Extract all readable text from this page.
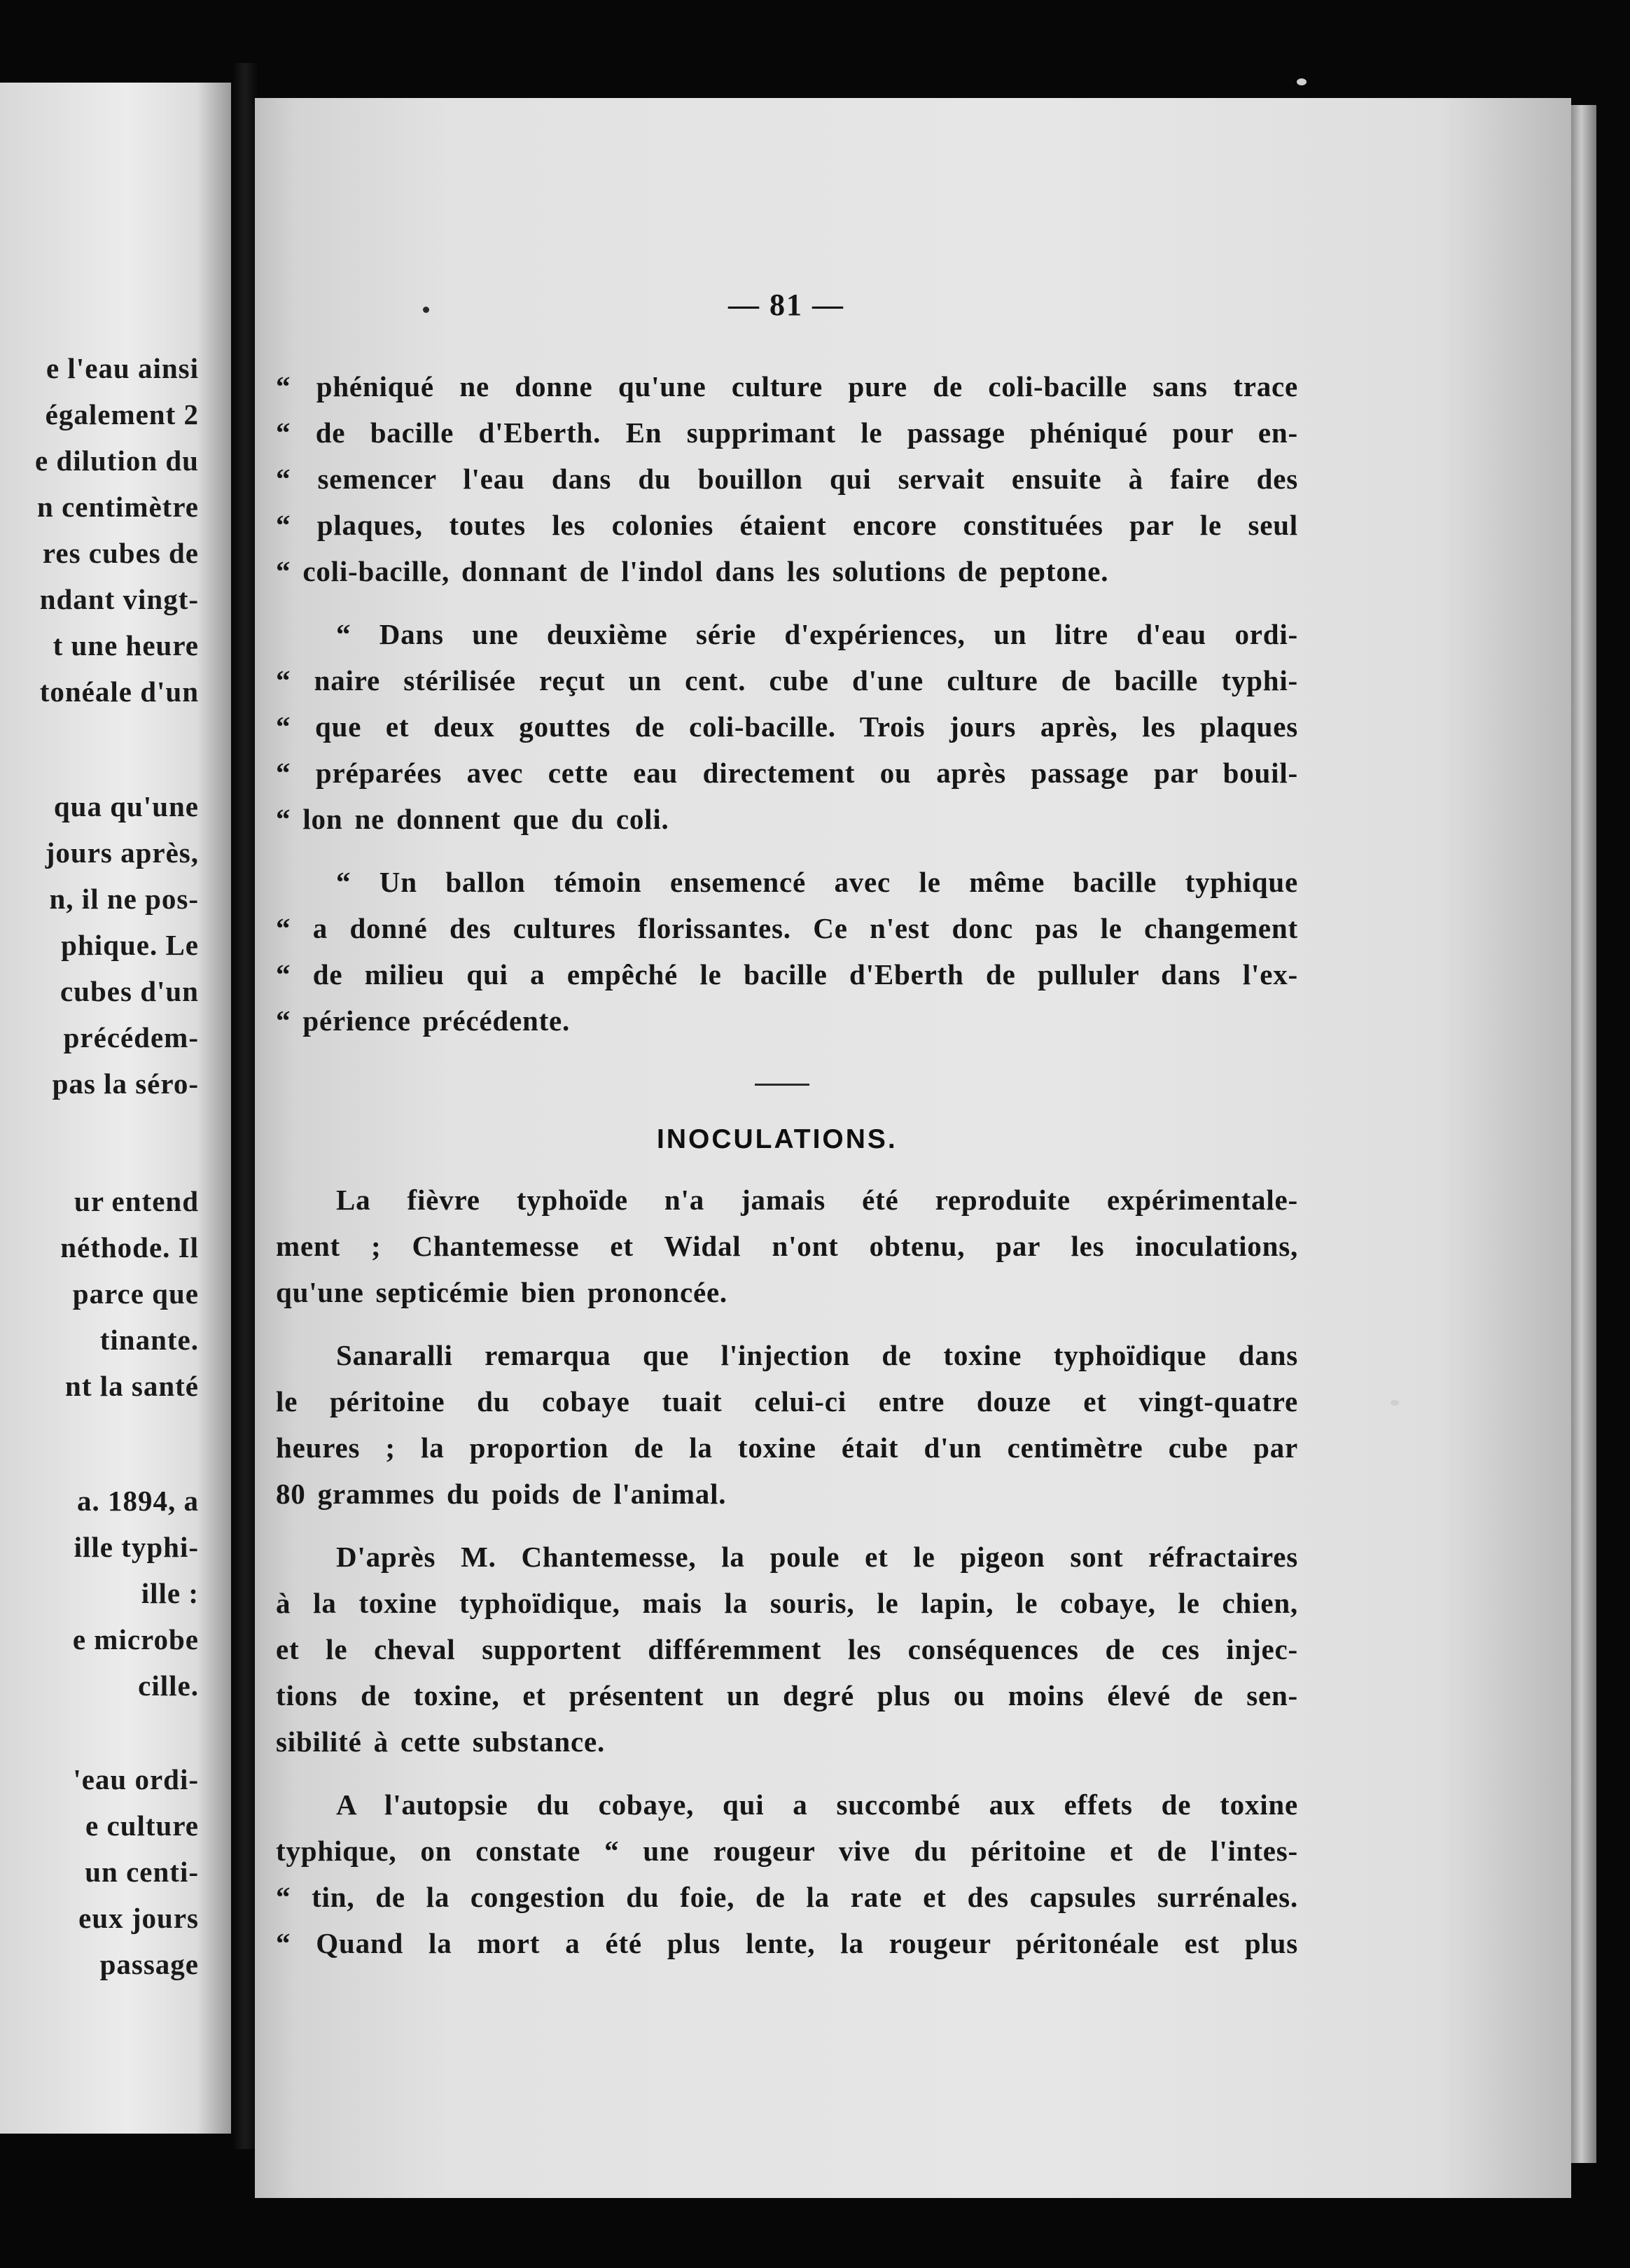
e l'eau ainsi
également 2
e dilution du
n centimètre
res cubes de
ndant vingt-
t une heure
tonéale d'un
qua qu'une
jours après,
n, il ne pos-
phique. Le
cubes d'un
précédem-
pas la séro-
ur entend
néthode. Il
parce que
tinante.
nt la santé
a. 1894, a
ille typhi-
ille :
e microbe
cille.
'eau ordi-
e culture
un centi-
eux jours
passage
— 81 —
“ phéniqué ne donne qu'une culture pure de coli-bacille sans trace
“ de bacille d'Eberth. En supprimant le passage phéniqué pour en-
“ semencer l'eau dans du bouillon qui servait ensuite à faire des
“ plaques, toutes les colonies étaient encore constituées par le seul
“ coli-bacille, donnant de l'indol dans les solutions de peptone.
“ Dans une deuxième série d'expériences, un litre d'eau ordi-
“ naire stérilisée reçut un cent. cube d'une culture de bacille typhi-
“ que et deux gouttes de coli-bacille. Trois jours après, les plaques
“ préparées avec cette eau directement ou après passage par bouil-
“ lon ne donnent que du coli.
“ Un ballon témoin ensemencé avec le même bacille typhique
“ a donné des cultures florissantes. Ce n'est donc pas le changement
“ de milieu qui a empêché le bacille d'Eberth de pulluler dans l'ex-
“ périence précédente.
INOCULATIONS.
La fièvre typhoïde n'a jamais été reproduite expérimentale-
ment ; Chantemesse et Widal n'ont obtenu, par les inoculations,
qu'une septicémie bien prononcée.
Sanaralli remarqua que l'injection de toxine typhoïdique dans
le péritoine du cobaye tuait celui-ci entre douze et vingt-quatre
heures ; la proportion de la toxine était d'un centimètre cube par
80 grammes du poids de l'animal.
D'après M. Chantemesse, la poule et le pigeon sont réfractaires
à la toxine typhoïdique, mais la souris, le lapin, le cobaye, le chien,
et le cheval supportent différemment les conséquences de ces injec-
tions de toxine, et présentent un degré plus ou moins élevé de sen-
sibilité à cette substance.
A l'autopsie du cobaye, qui a succombé aux effets de toxine
typhique, on constate “ une rougeur vive du péritoine et de l'intes-
“ tin, de la congestion du foie, de la rate et des capsules surrénales.
“ Quand la mort a été plus lente, la rougeur péritonéale est plus
